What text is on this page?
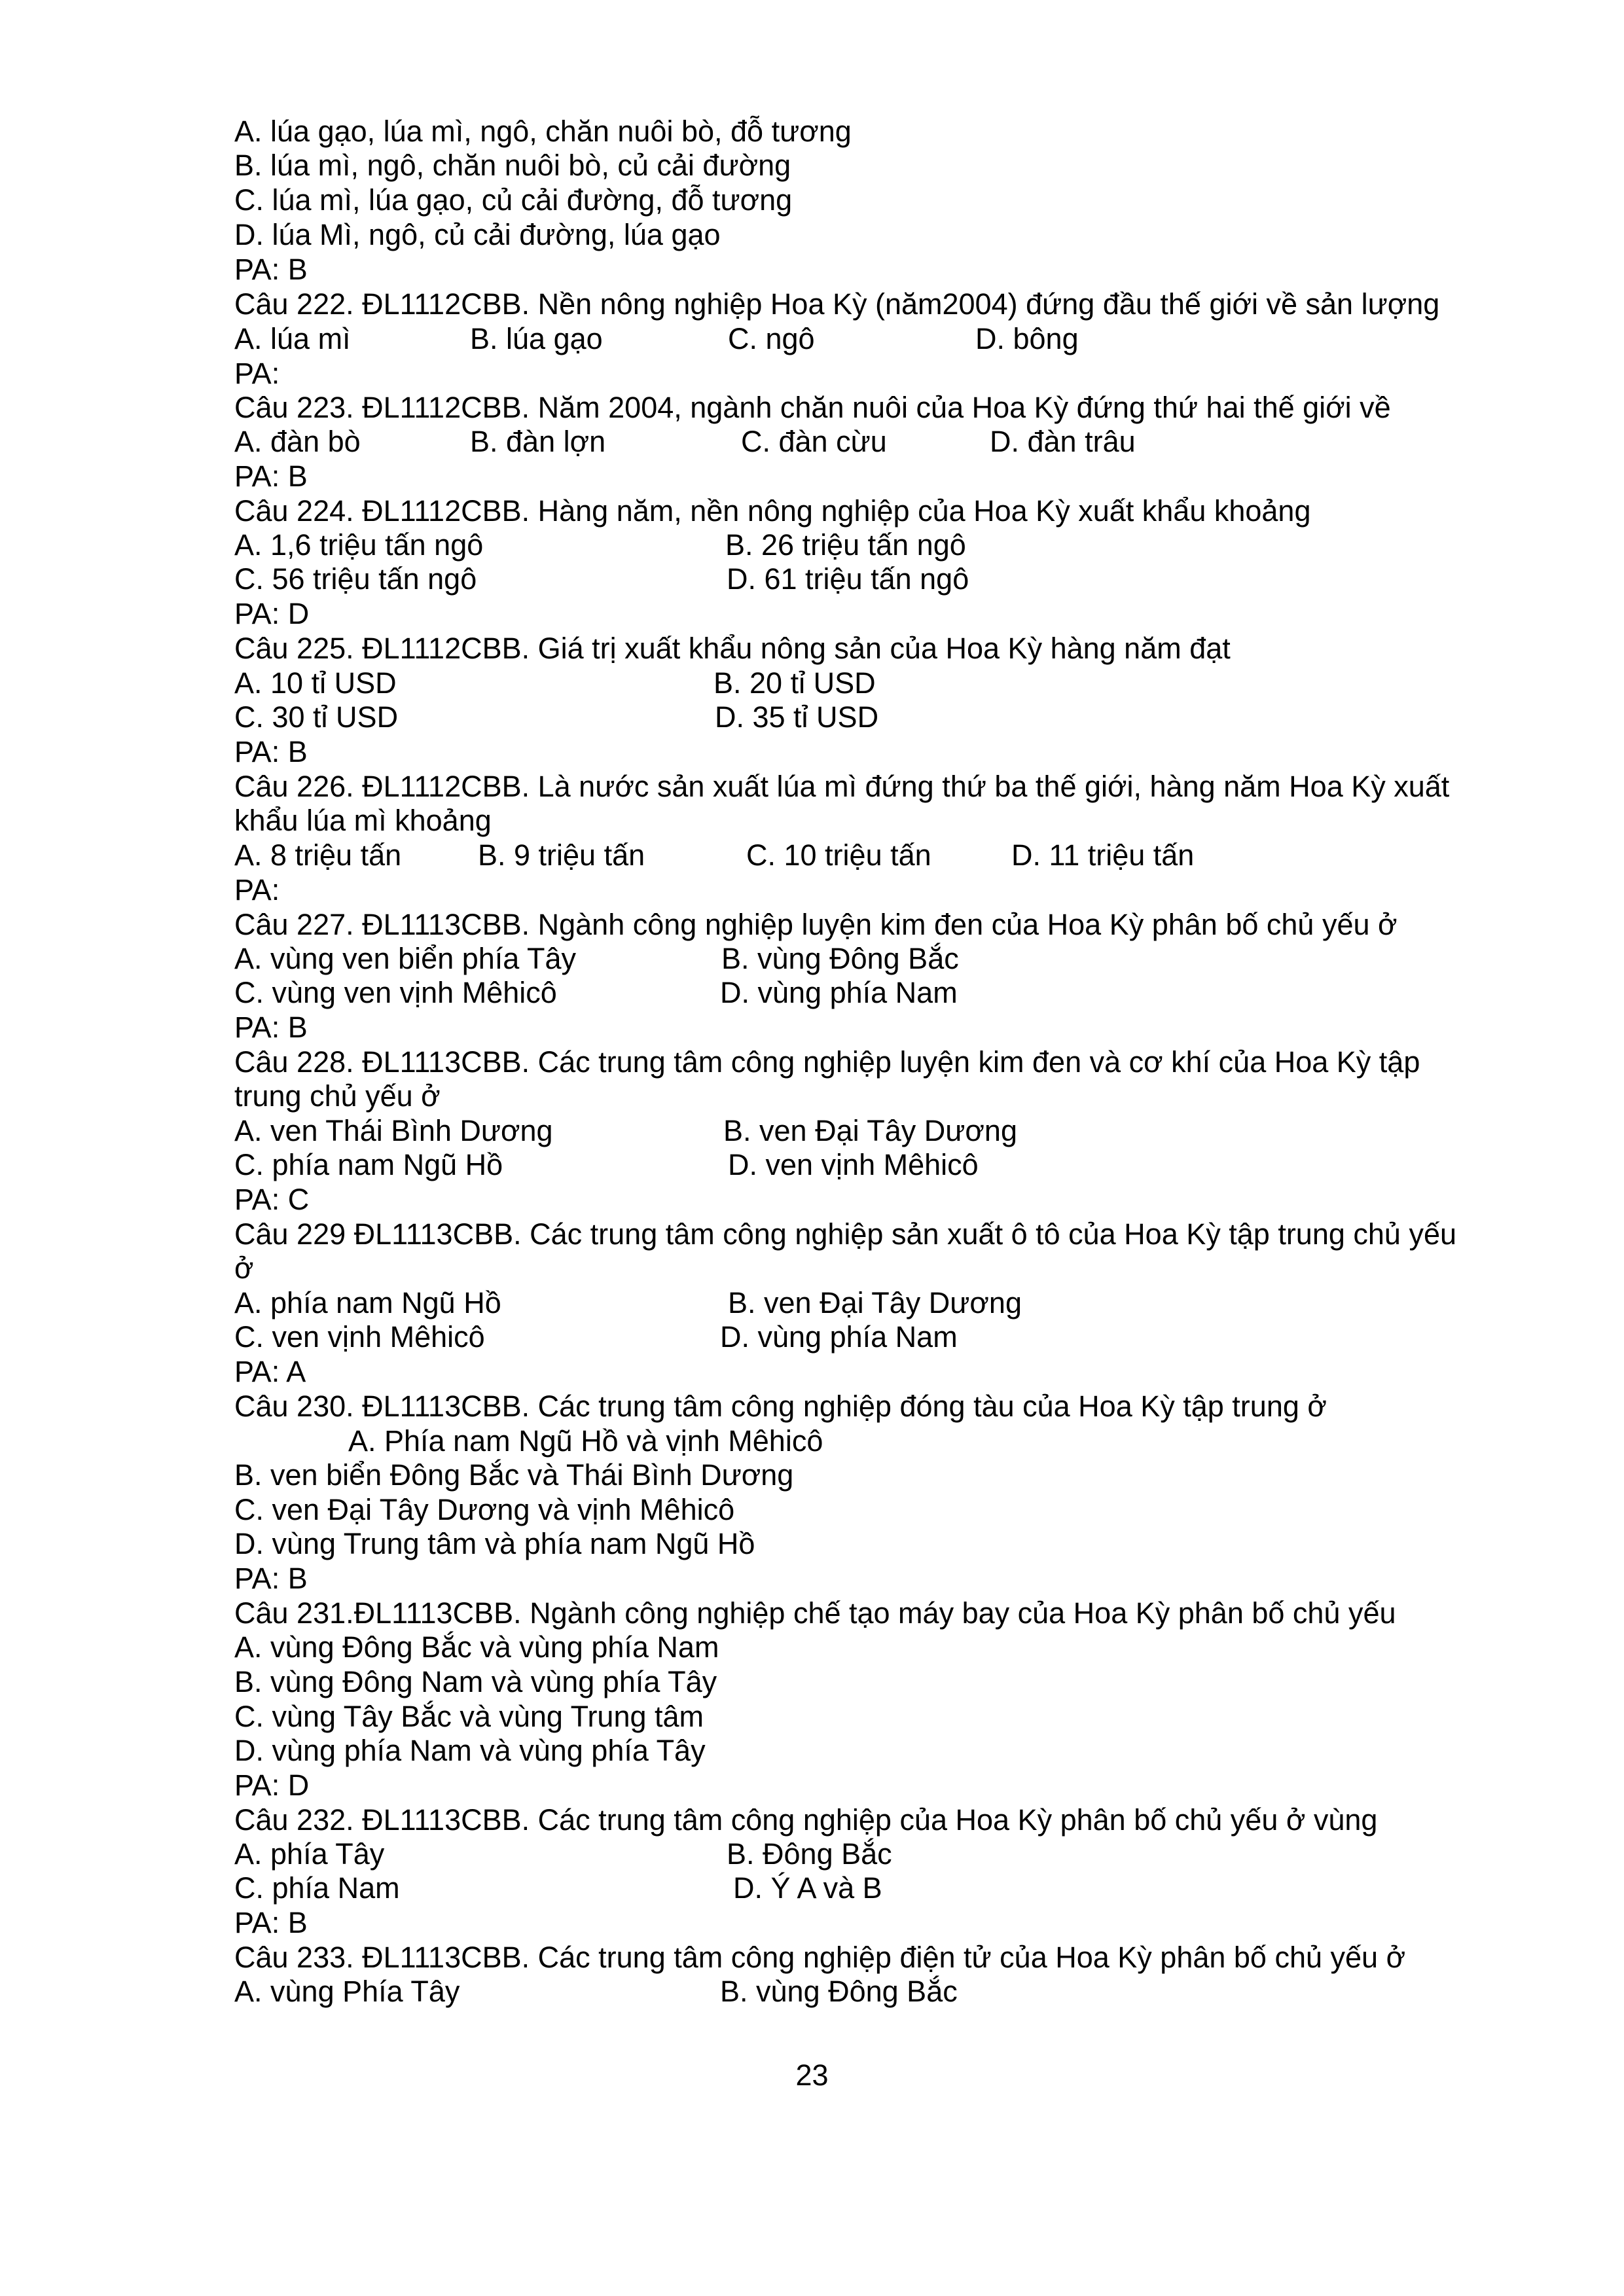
23
A. lúa gạo, lúa mì, ngô, chăn nuôi bò, đỗ tương
B. lúa mì, ngô, chăn nuôi bò, củ cải đường
C. lúa mì, lúa gạo, củ cải đường, đỗ tương
D. lúa Mì, ngô, củ cải đường, lúa gạo
PA: B
Câu 222. ĐL1112CBB. Nền nông nghiệp Hoa Kỳ (năm2004) đứng đầu thế giới về sản lượng
A. lúa mì	B. lúa gạo	C. ngô	D. bông
PA:
Câu 223. ĐL1112CBB. Năm 2004, ngành chăn nuôi của Hoa Kỳ đứng thứ hai thế giới về
A. đàn bò	B. đàn lợn	C. đàn cừu	D. đàn trâu
PA: B
Câu 224. ĐL1112CBB. Hàng năm, nền nông nghiệp của Hoa Kỳ xuất khẩu khoảng
A. 1,6 triệu tấn ngô	B. 26 triệu tấn ngô
C. 56 triệu tấn ngô	D. 61 triệu tấn ngô
PA: D
Câu 225. ĐL1112CBB. Giá trị xuất khẩu nông sản của Hoa Kỳ hàng năm đạt
A. 10 tỉ USD	B. 20 tỉ USD
C. 30 tỉ USD	D. 35 tỉ USD
PA: B
Câu 226. ĐL1112CBB. Là nước sản xuất lúa mì đứng thứ ba thế giới, hàng năm Hoa Kỳ xuất
khẩu lúa mì khoảng
A. 8 triệu tấn	B. 9 triệu tấn	C. 10 triệu tấn	D. 11 triệu tấn
PA:
Câu 227. ĐL1113CBB. Ngành công nghiệp luyện kim đen của Hoa Kỳ phân bố chủ yếu ở
A. vùng ven biển phía Tây	B. vùng Đông Bắc
C. vùng ven vịnh Mêhicô	D. vùng phía Nam
PA: B
Câu 228. ĐL1113CBB. Các trung tâm công nghiệp luyện kim đen và cơ khí của Hoa Kỳ tập
trung chủ yếu ở
A. ven Thái Bình Dương	B. ven Đại Tây Dương
C. phía nam Ngũ Hồ	D. ven vịnh Mêhicô
PA: C
Câu 229 ĐL1113CBB. Các trung tâm công nghiệp sản xuất ô tô của Hoa Kỳ tập trung chủ yếu
ở
A. phía nam Ngũ Hồ	B. ven Đại Tây Dương
C. ven vịnh Mêhicô	D. vùng phía Nam
PA: A
Câu 230. ĐL1113CBB. Các trung tâm công nghiệp đóng tàu của Hoa Kỳ tập trung ở
A. Phía nam Ngũ Hồ và vịnh Mêhicô
B. ven biển Đông Bắc và Thái Bình Dương
C. ven Đại Tây Dương và vịnh Mêhicô
D. vùng Trung tâm và phía nam Ngũ Hồ
PA: B
Câu 231.ĐL1113CBB. Ngành công nghiệp chế tạo máy bay của Hoa Kỳ phân bố chủ yếu
A. vùng Đông Bắc và vùng phía Nam
B. vùng Đông Nam và vùng phía Tây
C. vùng Tây Bắc và vùng Trung tâm
D. vùng phía Nam và vùng phía Tây
PA: D
Câu 232. ĐL1113CBB. Các trung tâm công nghiệp của Hoa Kỳ phân bố chủ yếu ở vùng
A. phía Tây	B. Đông Bắc
C. phía Nam	D. Ý A và B
PA: B
Câu 233. ĐL1113CBB. Các trung tâm công nghiệp điện tử của Hoa Kỳ phân bố chủ yếu ở
A. vùng Phía Tây	B. vùng Đông Bắc
